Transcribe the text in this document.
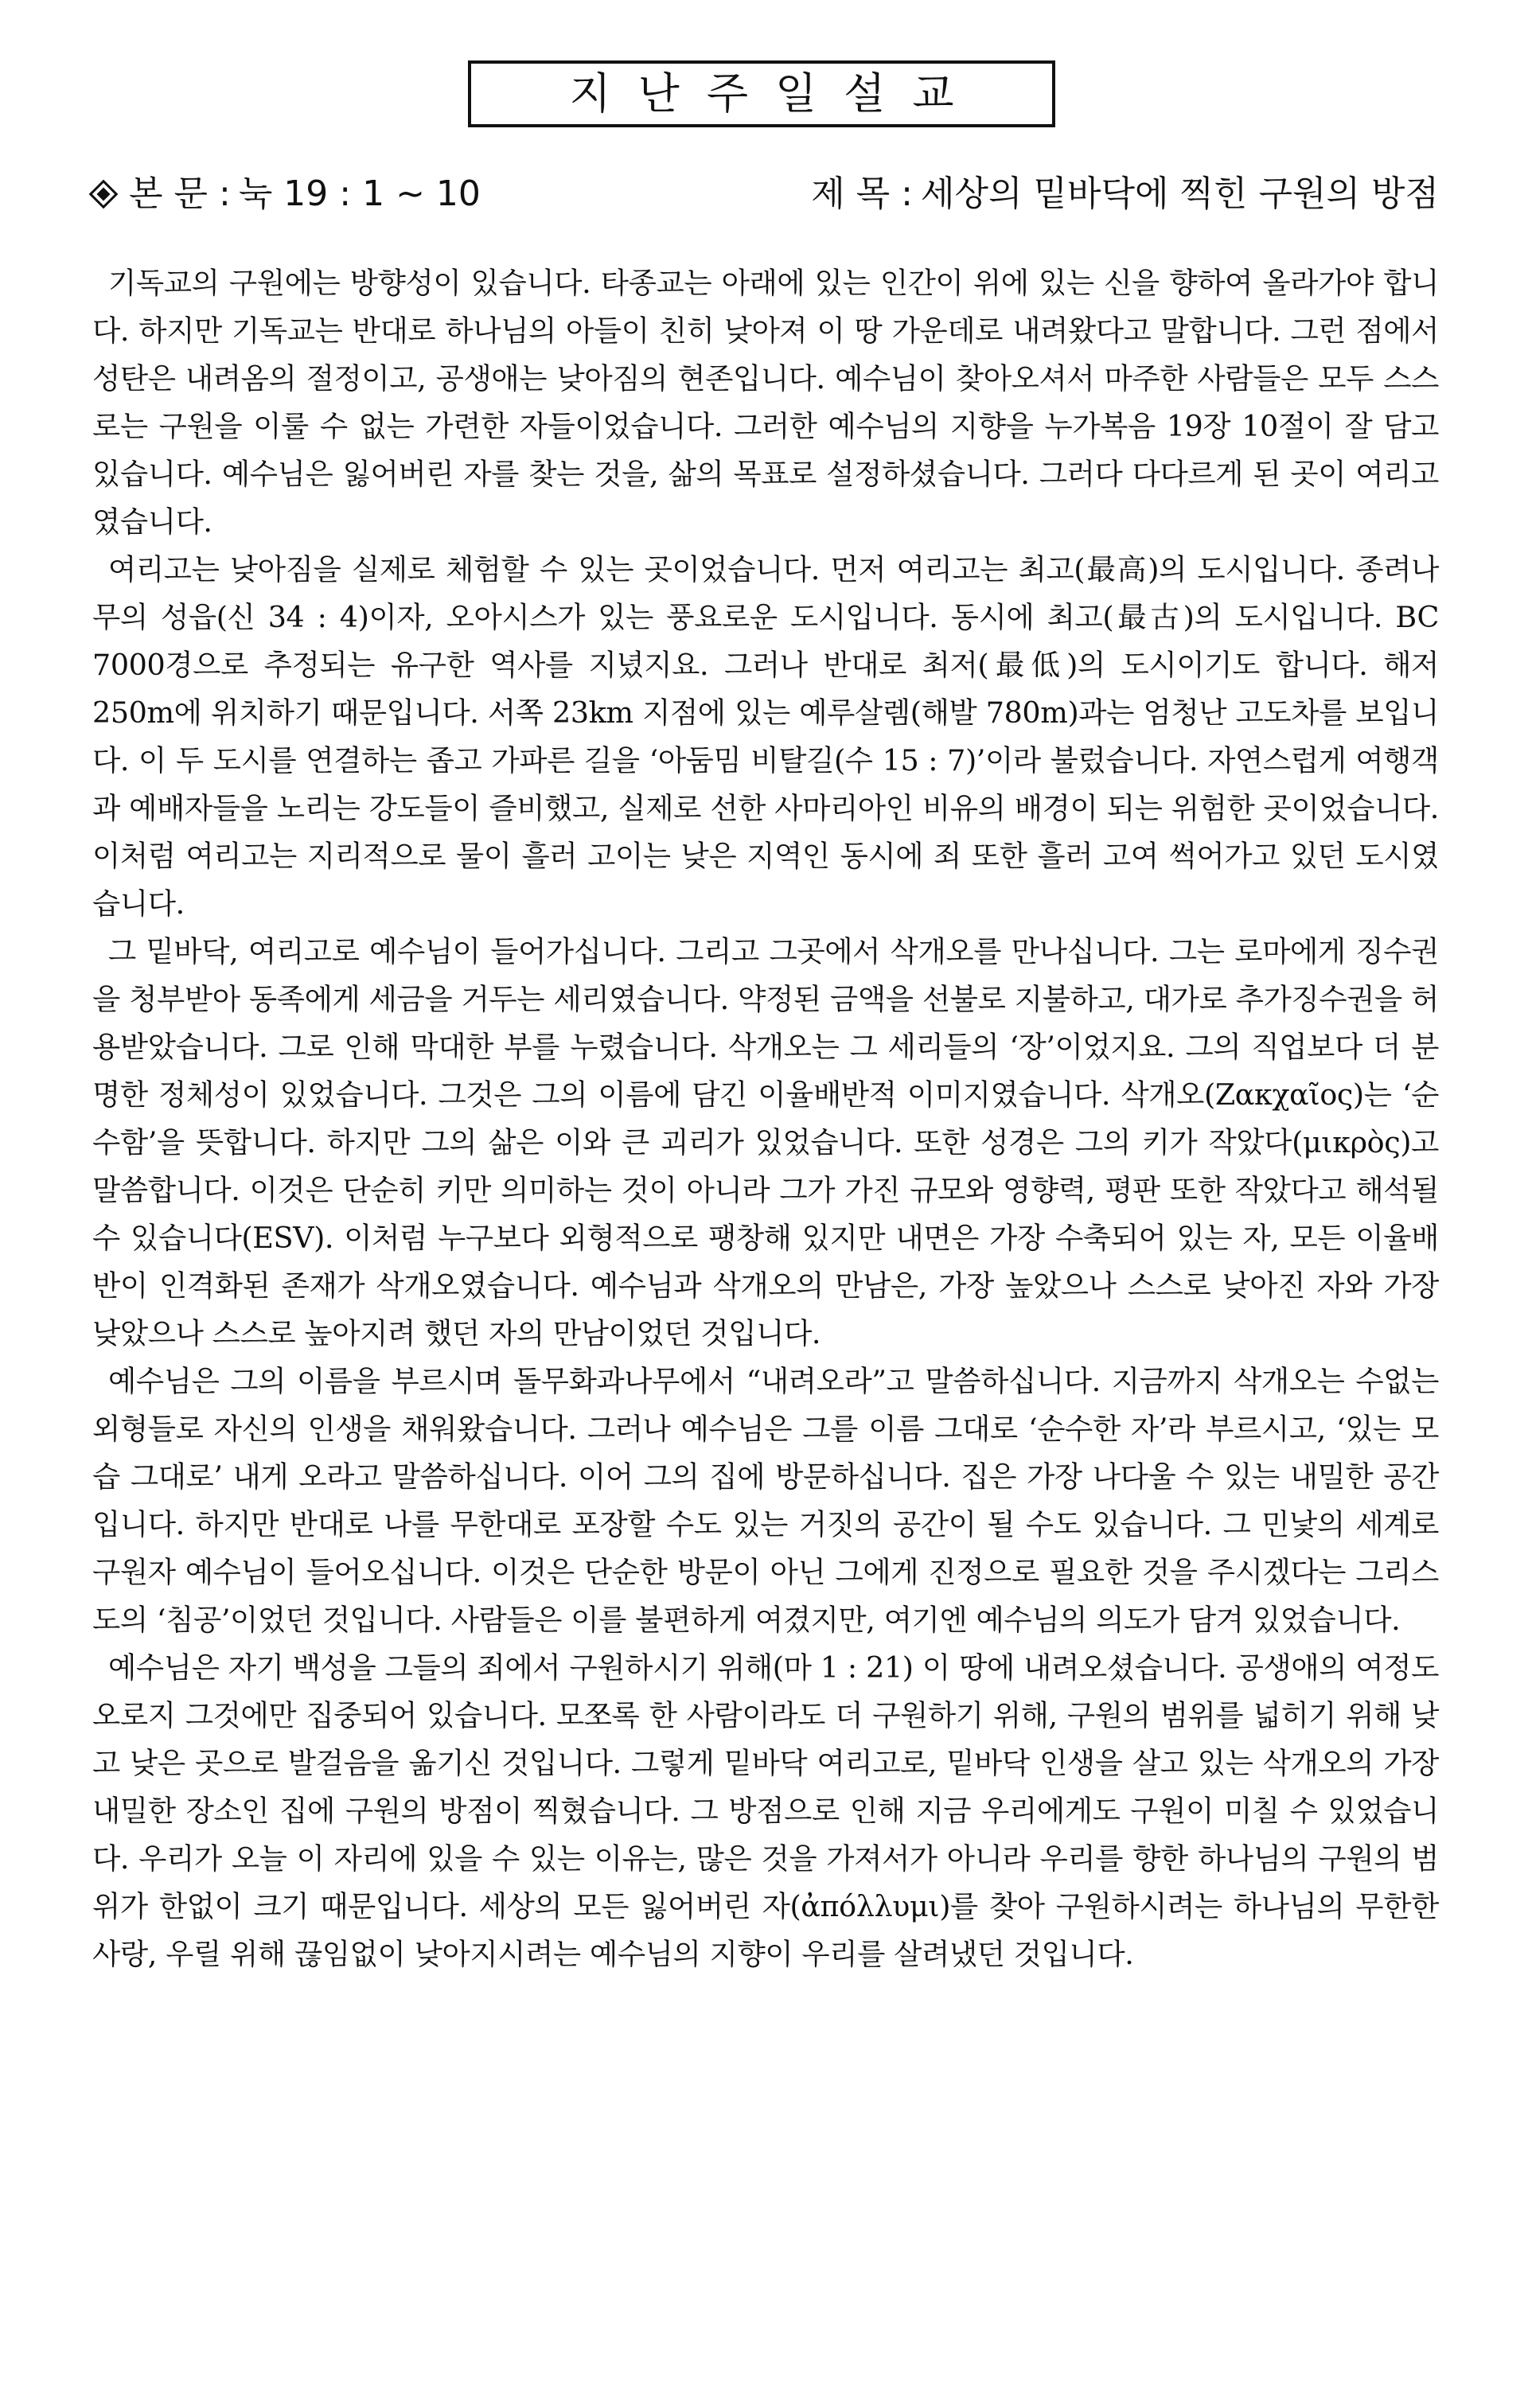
지난주일설교
본 문 : 눅 19 : 1 ~ 10	제 목 : 세상의 밑바닥에 찍힌 구원의 방점

기독교의 구원에는 방향성이 있습니다. 타종교는 아래에 있는 인간이 위에 있는 신을 향하여 올라가야 합니다. 하지만 기독교는 반대로 하나님의 아들이 친히 낮아져 이 땅 가운데로 내려왔다고 말합니다. 그런 점에서 성탄은 내려옴의 절정이고, 공생애는 낮아짐의 현존입니다. 예수님이 찾아오셔서 마주한 사람들은 모두 스스로는 구원을 이룰 수 없는 가련한 자들이었습니다. 그러한 예수님의 지향을 누가복음 19장 10절이 잘 담고 있습니다. 예수님은 잃어버린 자를 찾는 것을, 삶의 목표로 설정하셨습니다. 그러다 다다르게 된 곳이 여리고였습니다.

여리고는 낮아짐을 실제로 체험할 수 있는 곳이었습니다. 먼저 여리고는 최고(最高)의 도시입니다. 종려나무의 성읍(신 34 : 4)이자, 오아시스가 있는 풍요로운 도시입니다. 동시에 최고(最古)의 도시입니다. BC 7000경으로 추정되는 유구한 역사를 지녔지요. 그러나 반대로 최저(最低)의 도시이기도 합니다. 해저 250m에 위치하기 때문입니다. 서쪽 23km 지점에 있는 예루살렘(해발 780m)과는 엄청난 고도차를 보입니다. 이 두 도시를 연결하는 좁고 가파른 길을 ‘아둠밈 비탈길(수 15 : 7)’이라 불렀습니다. 자연스럽게 여행객과 예배자들을 노리는 강도들이 즐비했고, 실제로 선한 사마리아인 비유의 배경이 되는 위험한 곳이었습니다. 이처럼 여리고는 지리적으로 물이 흘러 고이는 낮은 지역인 동시에 죄 또한 흘러 고여 썩어가고 있던 도시였습니다.

그 밑바닥, 여리고로 예수님이 들어가십니다. 그리고 그곳에서 삭개오를 만나십니다. 그는 로마에게 징수권을 청부받아 동족에게 세금을 거두는 세리였습니다. 약정된 금액을 선불로 지불하고, 대가로 추가징수권을 허용받았습니다. 그로 인해 막대한 부를 누렸습니다. 삭개오는 그 세리들의 ‘장’이었지요. 그의 직업보다 더 분명한 정체성이 있었습니다. 그것은 그의 이름에 담긴 이율배반적 이미지였습니다. 삭개오(Ζακχαῖος)는 ‘순수함’을 뜻합니다. 하지만 그의 삶은 이와 큰 괴리가 있었습니다. 또한 성경은 그의 키가 작았다(μικρὸς)고 말씀합니다. 이것은 단순히 키만 의미하는 것이 아니라 그가 가진 규모와 영향력, 평판 또한 작았다고 해석될 수 있습니다(ESV). 이처럼 누구보다 외형적으로 팽창해 있지만 내면은 가장 수축되어 있는 자, 모든 이율배반이 인격화된 존재가 삭개오였습니다. 예수님과 삭개오의 만남은, 가장 높았으나 스스로 낮아진 자와 가장 낮았으나 스스로 높아지려 했던 자의 만남이었던 것입니다.

예수님은 그의 이름을 부르시며 돌무화과나무에서 “내려오라”고 말씀하십니다. 지금까지 삭개오는 수없는 외형들로 자신의 인생을 채워왔습니다. 그러나 예수님은 그를 이름 그대로 ‘순수한 자’라 부르시고, ‘있는 모습 그대로’ 내게 오라고 말씀하십니다. 이어 그의 집에 방문하십니다. 집은 가장 나다울 수 있는 내밀한 공간입니다. 하지만 반대로 나를 무한대로 포장할 수도 있는 거짓의 공간이 될 수도 있습니다. 그 민낯의 세계로 구원자 예수님이 들어오십니다. 이것은 단순한 방문이 아닌 그에게 진정으로 필요한 것을 주시겠다는 그리스도의 ‘침공’이었던 것입니다. 사람들은 이를 불편하게 여겼지만, 여기엔 예수님의 의도가 담겨 있었습니다.

예수님은 자기 백성을 그들의 죄에서 구원하시기 위해(마 1 : 21) 이 땅에 내려오셨습니다. 공생애의 여정도 오로지 그것에만 집중되어 있습니다. 모쪼록 한 사람이라도 더 구원하기 위해, 구원의 범위를 넓히기 위해 낮고 낮은 곳으로 발걸음을 옮기신 것입니다. 그렇게 밑바닥 여리고로, 밑바닥 인생을 살고 있는 삭개오의 가장 내밀한 장소인 집에 구원의 방점이 찍혔습니다. 그 방점으로 인해 지금 우리에게도 구원이 미칠 수 있었습니다. 우리가 오늘 이 자리에 있을 수 있는 이유는, 많은 것을 가져서가 아니라 우리를 향한 하나님의 구원의 범위가 한없이 크기 때문입니다. 세상의 모든 잃어버린 자(ἀπόλλυμι)를 찾아 구원하시려는 하나님의 무한한 사랑, 우릴 위해 끊임없이 낮아지시려는 예수님의 지향이 우리를 살려냈던 것입니다.
